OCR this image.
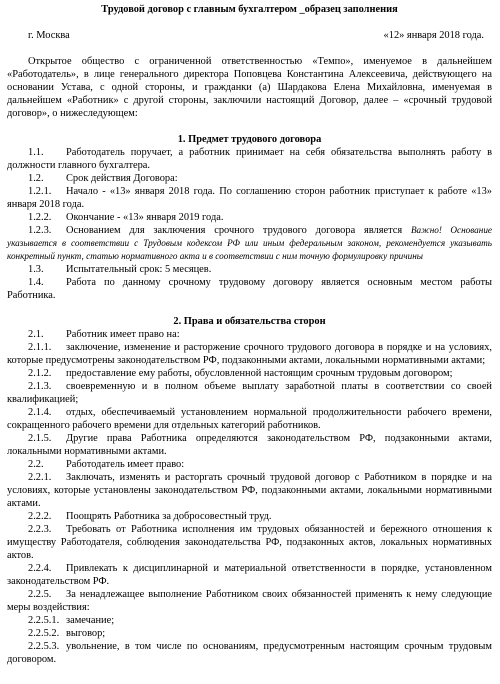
Трудовой договор с главным бухгалтером _образец заполнения

г. Москва	«12» января 2018 года.

Открытое общество с ограниченной ответственностью «Темпо», именуемое в дальнейшем «Работодатель», в лице генерального директора Поповцева Константина Алексеевича, действующего на основании Устава, с одной стороны, и гражданки (а) Шардакова Елена Михайловна, именуемая в дальнейшем «Работник» с другой стороны, заключили настоящий Договор, далее – «срочный трудовой договор», о нижеследующем:

1. Предмет трудового договора

1.1. Работодатель поручает, а работник принимает на себя обязательства выполнять работу в должности главного бухгалтера.

1.2. Срок действия Договора:

1.2.1. Начало - «13» января 2018 года. По соглашению сторон работник приступает к работе «13» января 2018 года.

1.2.2. Окончание - «13» января 2019 года.

1.2.3. Основанием для заключения срочного трудового договора является Важно! Основание указывается в соответствии с Трудовым кодексом РФ или иным федеральным законом, рекомендуется указывать конкретный пункт, статью нормативного акта и в соответствии с ним точную формулировку причины

1.3. Испытательный срок: 5 месяцев.

1.4. Работа по данному срочному трудовому договору является основным местом работы Работника.

2. Права и обязательства сторон

2.1. Работник имеет право на:

2.1.1. заключение, изменение и расторжение срочного трудового договора в порядке и на условиях, которые предусмотрены законодательством РФ, подзаконными актами, локальными нормативными актами;

2.1.2. предоставление ему работы, обусловленной настоящим срочным трудовым договором;

2.1.3. своевременную и в полном объеме выплату заработной платы в соответствии со своей квалификацией;

2.1.4. отдых, обеспечиваемый установлением нормальной продолжительности рабочего времени, сокращенного рабочего времени для отдельных категорий работников.

2.1.5. Другие права Работника определяются законодательством РФ, подзаконными актами, локальными нормативными актами.

2.2. Работодатель имеет право:

2.2.1. Заключать, изменять и расторгать срочный трудовой договор с Работником в порядке и на условиях, которые установлены законодательством РФ, подзаконными актами, локальными нормативными актами.

2.2.2. Поощрять Работника за добросовестный труд.

2.2.3. Требовать от Работника исполнения им трудовых обязанностей и бережного отношения к имуществу Работодателя, соблюдения законодательства РФ, подзаконных актов, локальных нормативных актов.

2.2.4. Привлекать к дисциплинарной и материальной ответственности в порядке, установленном законодательством РФ.

2.2.5. За ненадлежащее выполнение Работником своих обязанностей применять к нему следующие меры воздействия:

2.2.5.1. замечание;

2.2.5.2. выговор;

2.2.5.3. увольнение, в том числе по основаниям, предусмотренным настоящим срочным трудовым договором.
